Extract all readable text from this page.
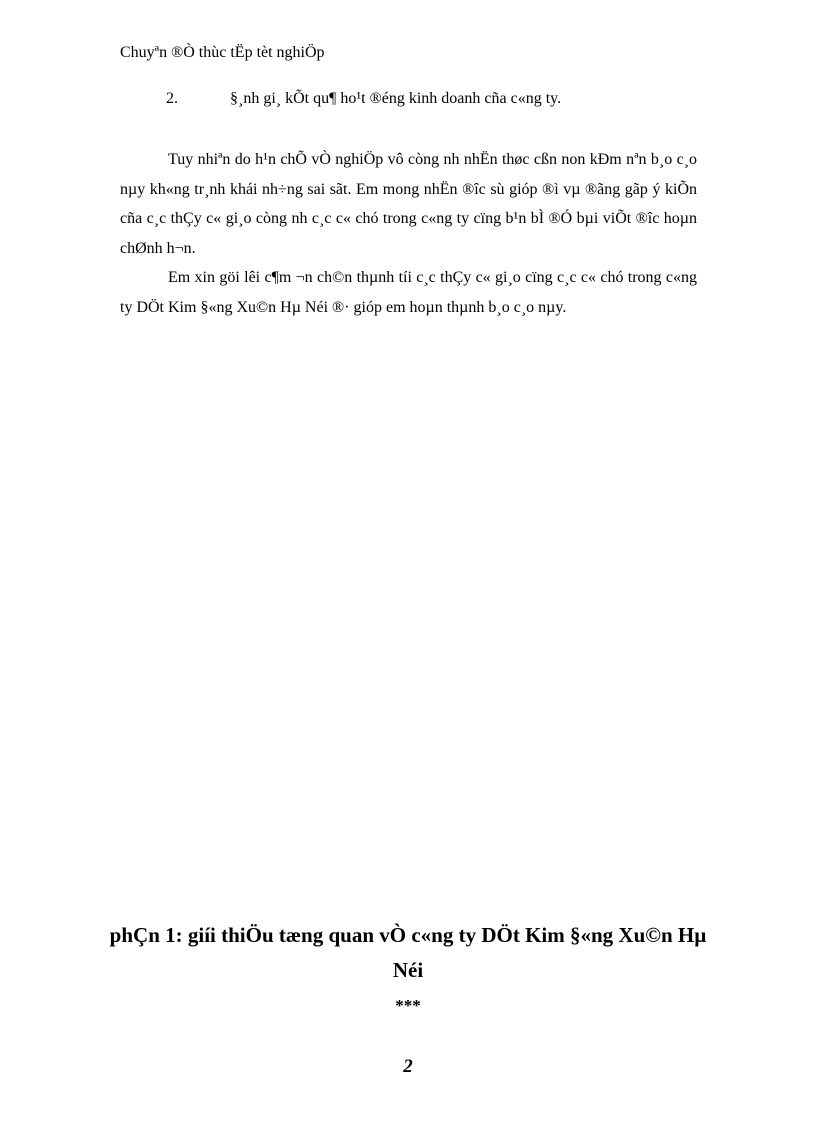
Chuyªn ®Ò thùc tËp tèt nghiÖp
2.	§¸nh gi¸ kÕt qu¶ ho¹t ®éng kinh doanh cña c«ng ty.

Tuy nhiªn do h¹n chÕ vÒ nghiÖp vô còng nh nhËn thøc cßn non kÐm nªn b¸o c¸o nµy kh«ng tr¸nh khái nh÷ng sai sãt. Em mong nhËn ®îc sù gióp ®ì vµ ®ãng gãp ý kiÕn cña c¸c thÇy c« gi¸o còng nh c¸c c« chó trong c«ng ty cïng b¹n bÌ ®Ó bµi viÕt ®îc hoµn chØnh h¬n.

Em xin göi lêi c¶m ¬n ch©n thµnh tíi c¸c thÇy c« gi¸o cïng c¸c c« chó trong c«ng ty DÖt Kim §«ng Xu©n Hµ Néi ®· gióp em hoµn thµnh b¸o c¸o nµy.

phÇn 1: giíi thiÖu tæng quan vÒ c«ng ty DÖt Kim §«ng Xu©n Hµ Néi
***
2
